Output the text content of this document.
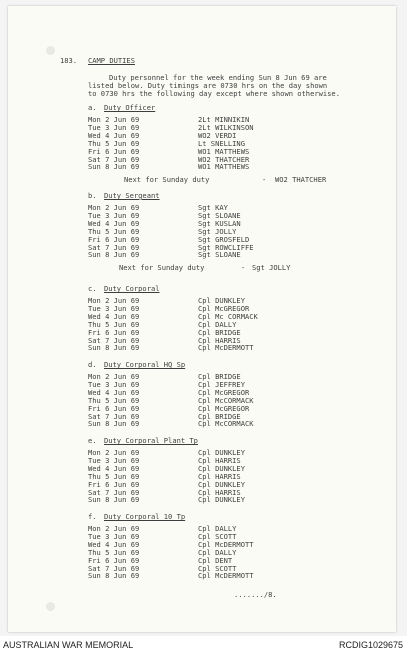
183. CAMP DUTIES
Duty personnel for the week ending Sun 8 Jun 69 are
listed below. Duty timings are 0730 hrs on the day shown
to 0730 hrs the following day except where shown otherwise.
a. Duty Officer
Mon 2 Jun 69	2Lt MINNIKIN
Tue 3 Jun 69	2Lt WILKINSON
Wed 4 Jun 69	WO2 VERDI
Thu 5 Jun 69	Lt SNELLING
Fri 6 Jun 69	WO1 MATTHEWS
Sat 7 Jun 69	WO2 THATCHER
Sun 8 Jun 69	WO1 MATTHEWS
Next for Sunday duty	- WO2 THATCHER
b. Duty Sergeant
Mon 2 Jun 69	Sgt KAY
Tue 3 Jun 69	Sgt SLOANE
Wed 4 Jun 69	Sgt KUSLAN
Thu 5 Jun 69	Sgt JOLLY
Fri 6 Jun 69	Sgt GROSFELD
Sat 7 Jun 69	Sgt ROWCLIFFE
Sun 8 Jun 69	Sgt SLOANE
Next for Sunday duty	- Sgt JOLLY
c. Duty Corporal
Mon 2 Jun 69	Cpl DUNKLEY
Tue 3 Jun 69	Cpl McGREGOR
Wed 4 Jun 69	Cpl Mc CORMACK
Thu 5 Jun 69	Cpl DALLY
Fri 6 Jun 69	Cpl BRIDGE
Sat 7 Jun 69	Cpl HARRIS
Sun 8 Jun 69	Cpl McDERMOTT
d. Duty Corporal HQ Sp
Mon 2 Jun 69	Cpl BRIDGE
Tue 3 Jun 69	Cpl JEFFREY
Wed 4 Jun 69	Cpl McGREGOR
Thu 5 Jun 69	Cpl McCORMACK
Fri 6 Jun 69	Cpl McGREGOR
Sat 7 Jun 69	Cpl BRIDGE
Sun 8 Jun 69	Cpl McCORMACK
e. Duty Corporal Plant Tp
Mon 2 Jun 69	Cpl DUNKLEY
Tue 3 Jun 69	Cpl HARRIS
Wed 4 Jun 69	Cpl DUNKLEY
Thu 5 Jun 69	Cpl HARRIS
Fri 6 Jun 69	Cpl DUNKLEY
Sat 7 Jun 69	Cpl HARRIS
Sun 8 Jun 69	Cpl DUNKLEY
f. Duty Corporal 10 Tp
Mon 2 Jun 69	Cpl DALLY
Tue 3 Jun 69	Cpl SCOTT
Wed 4 Jun 69	Cpl McDERMOTT
Thu 5 Jun 69	Cpl DALLY
Fri 6 Jun 69	Cpl DENT
Sat 7 Jun 69	Cpl SCOTT
Sun 8 Jun 69	Cpl McDERMOTT
......./8.
AUSTRALIAN WAR MEMORIAL	RCDIG1029675
